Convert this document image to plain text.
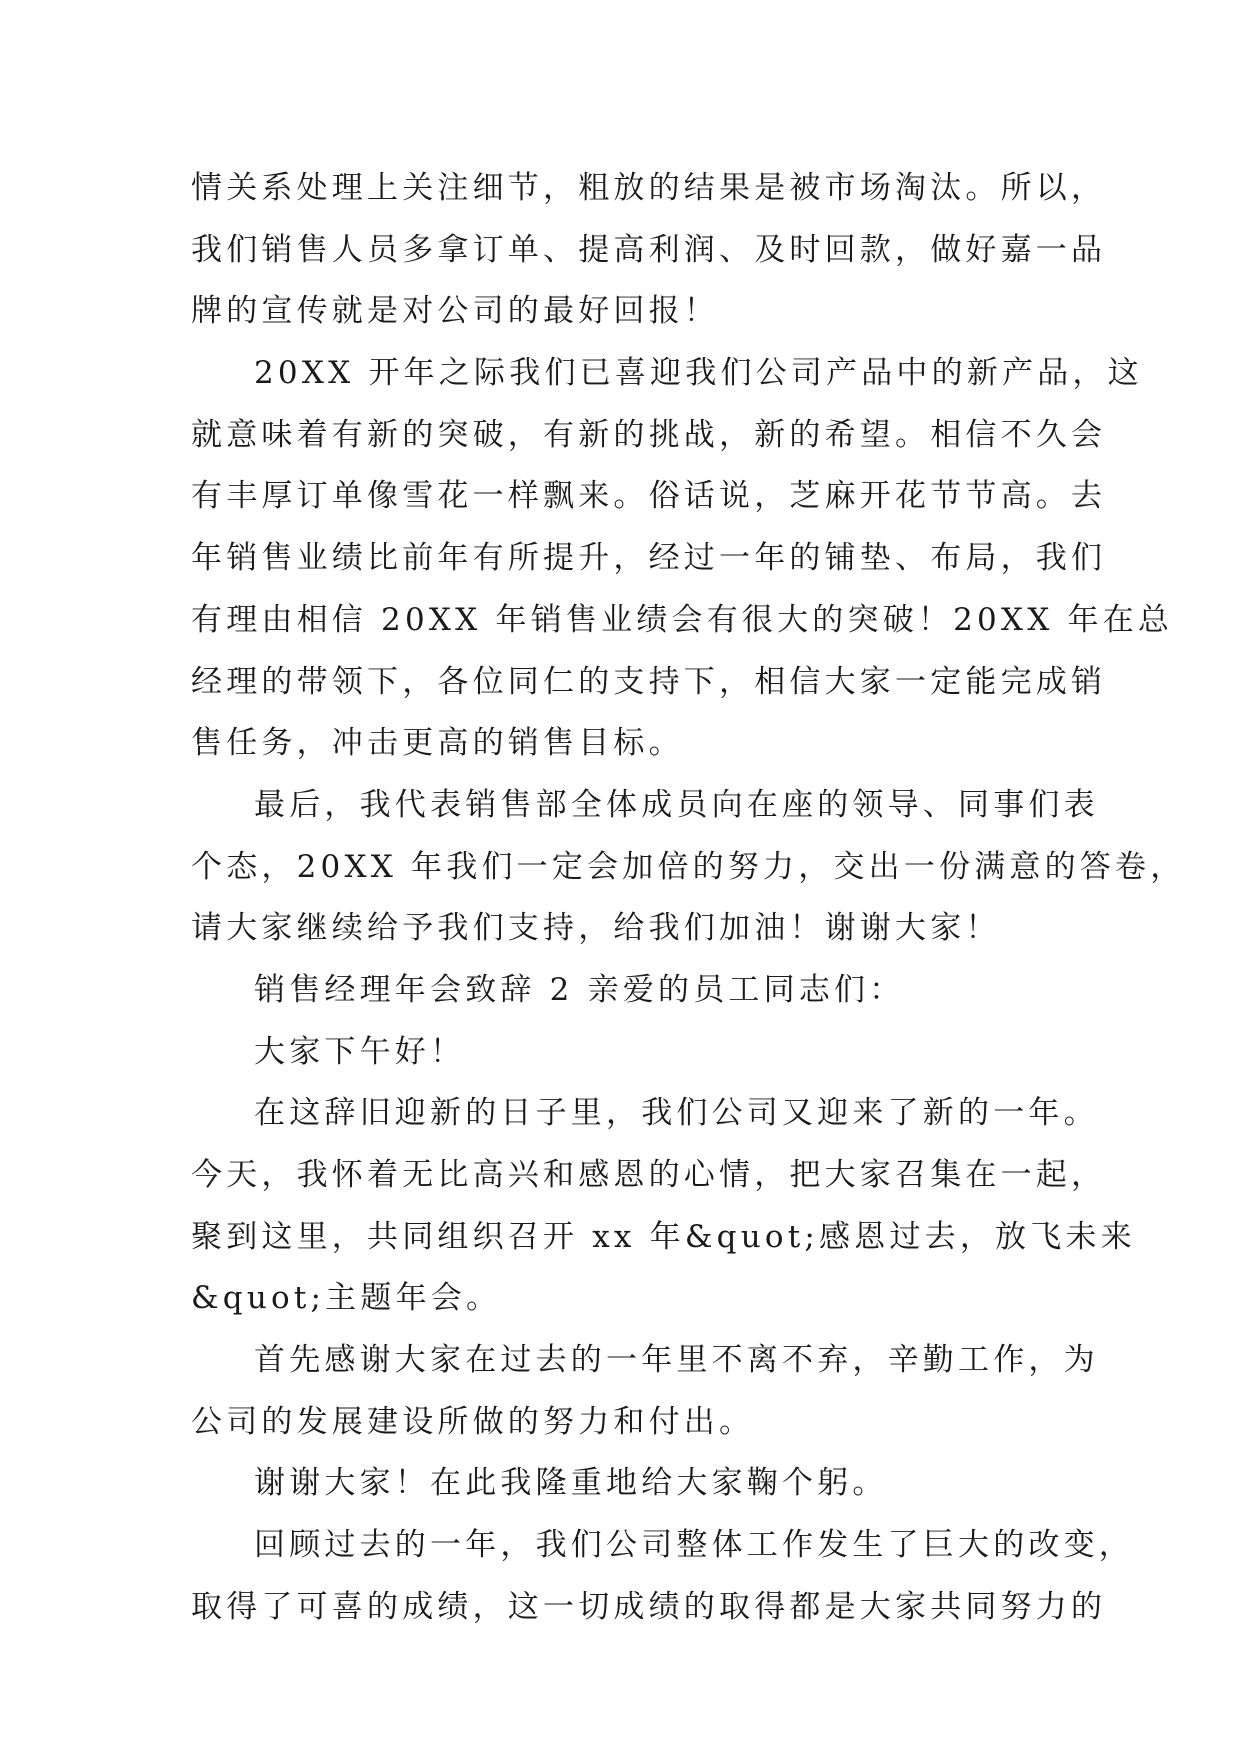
情关系处理上关注细节，粗放的结果是被市场淘汰。所以，
我们销售人员多拿订单、提高利润、及时回款，做好嘉一品
牌的宣传就是对公司的最好回报！
20XX 开年之际我们已喜迎我们公司产品中的新产品，这
就意味着有新的突破，有新的挑战，新的希望。相信不久会
有丰厚订单像雪花一样飘来。俗话说，芝麻开花节节高。去
年销售业绩比前年有所提升，经过一年的铺垫、布局，我们
有理由相信 20XX 年销售业绩会有很大的突破！20XX 年在总
经理的带领下，各位同仁的支持下，相信大家一定能完成销
售任务，冲击更高的销售目标。
最后，我代表销售部全体成员向在座的领导、同事们表
个态，20XX 年我们一定会加倍的努力，交出一份满意的答卷，
请大家继续给予我们支持，给我们加油！谢谢大家！
销售经理年会致辞 2 亲爱的员工同志们：
大家下午好！
在这辞旧迎新的日子里，我们公司又迎来了新的一年。
今天，我怀着无比高兴和感恩的心情，把大家召集在一起，
聚到这里，共同组织召开 xx 年&quot;感恩过去，放飞未来
&quot;主题年会。
首先感谢大家在过去的一年里不离不弃，辛勤工作，为
公司的发展建设所做的努力和付出。
谢谢大家！在此我隆重地给大家鞠个躬。
回顾过去的一年，我们公司整体工作发生了巨大的改变，
取得了可喜的成绩，这一切成绩的取得都是大家共同努力的
